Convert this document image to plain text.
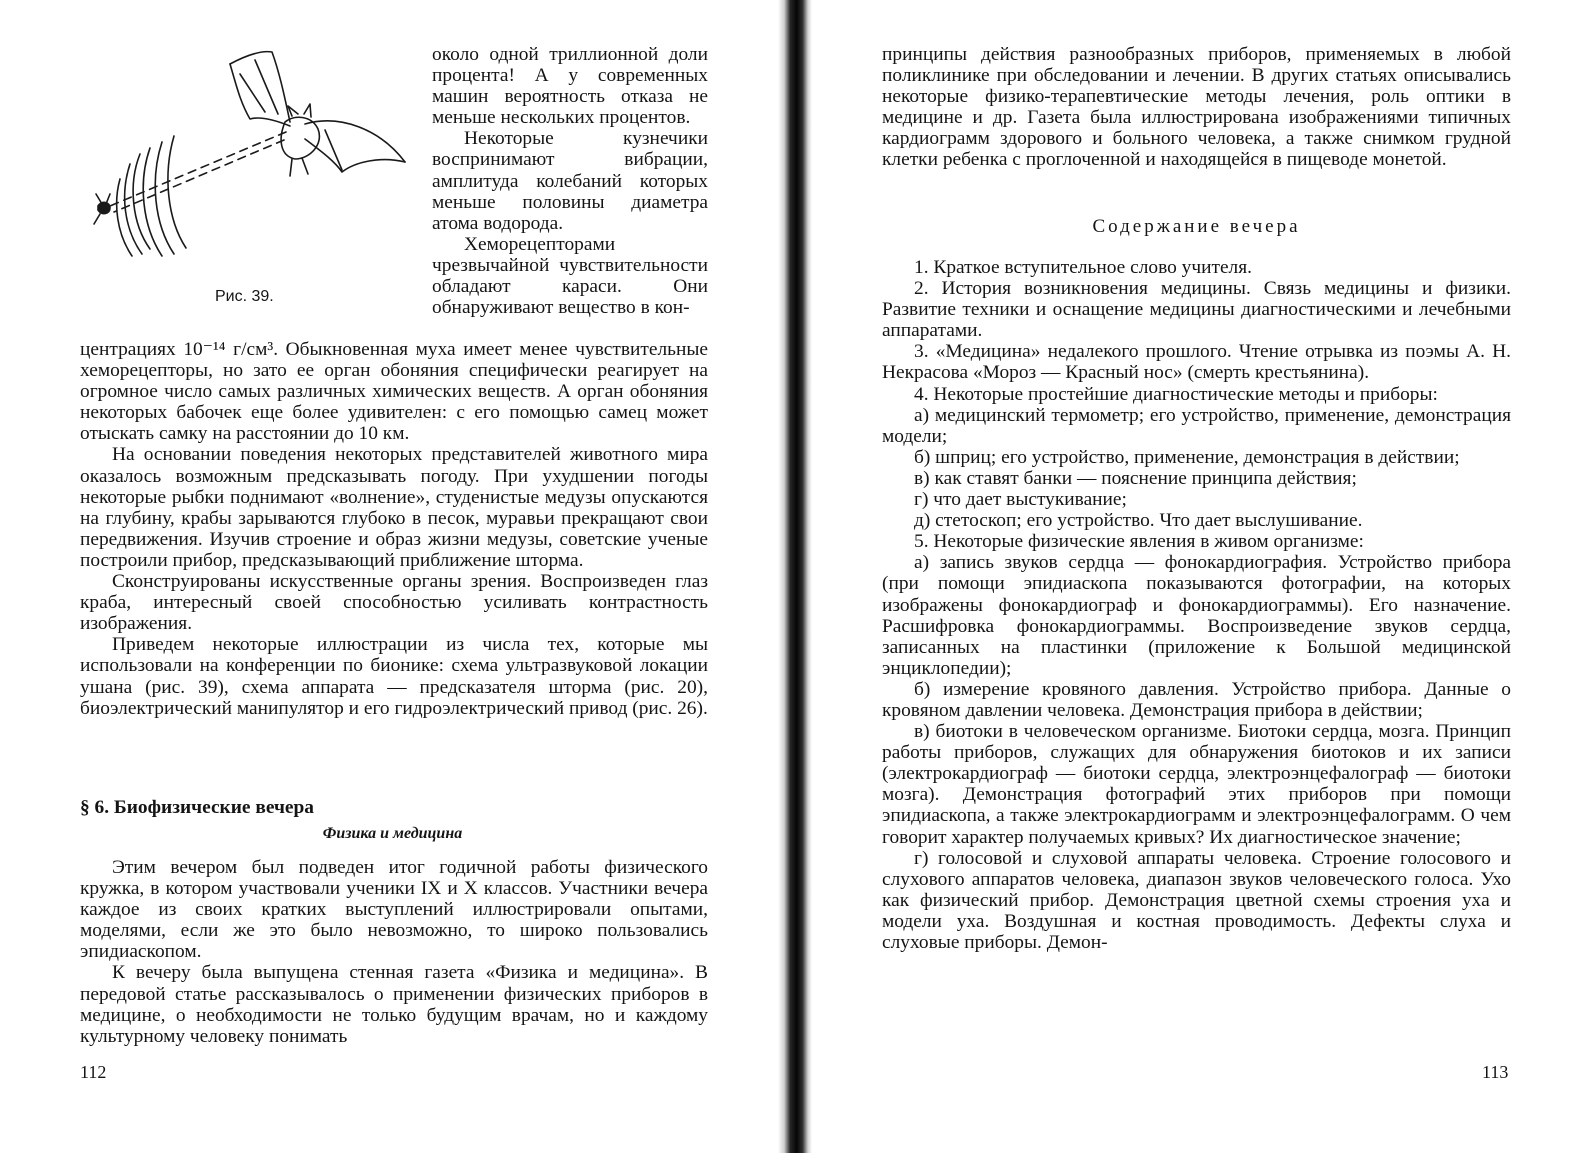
Рис. 39.

около одной триллионной доли процента! А у современных машин вероятность отказа не меньше нескольких процентов.

Некоторые кузнечики воспринимают вибрации, амплитуда колебаний которых меньше половины диаметра атома водорода.

Хеморецепторами чрезвычайной чувствительности обладают караси. Они обнаруживают вещество в кон-

центрациях 10⁻¹⁴ г/см³. Обыкновенная муха имеет менее чувствительные хеморецепторы, но зато ее орган обоняния специфически реагирует на огромное число самых различных химических веществ. А орган обоняния некоторых бабочек еще более удивителен: с его помощью самец может отыскать самку на расстоянии до 10 км.

На основании поведения некоторых представителей животного мира оказалось возможным предсказывать погоду. При ухудшении погоды некоторые рыбки поднимают «волнение», студенистые медузы опускаются на глубину, крабы зарываются глубоко в песок, муравьи прекращают свои передвижения. Изучив строение и образ жизни медузы, советские ученые построили прибор, предсказывающий приближение шторма.

Сконструированы искусственные органы зрения. Воспроизведен глаз краба, интересный своей способностью усиливать контрастность изображения.

Приведем некоторые иллюстрации из числа тех, которые мы использовали на конференции по бионике: схема ультразвуковой локации ушана (рис. 39), схема аппарата — предсказателя шторма (рис. 20), биоэлектрический манипулятор и его гидроэлектрический привод (рис. 26).

§ 6. Биофизические вечера
Физика и медицина

Этим вечером был подведен итог годичной работы физического кружка, в котором участвовали ученики IX и X классов. Участники вечера каждое из своих кратких выступлений иллюстрировали опытами, моделями, если же это было невозможно, то широко пользовались эпидиаскопом.

К вечеру была выпущена стенная газета «Физика и медицина». В передовой статье рассказывалось о применении физических приборов в медицине, о необходимости не только будущим врачам, но и каждому культурному человеку понимать

112

принципы действия разнообразных приборов, применяемых в любой поликлинике при обследовании и лечении. В других статьях описывались некоторые физико-терапевтические методы лечения, роль оптики в медицине и др. Газета была иллюстрирована изображениями типичных кардиограмм здорового и больного человека, а также снимком грудной клетки ребенка с проглоченной и находящейся в пищеводе монетой.

Содержание вечера

1. Краткое вступительное слово учителя.

2. История возникновения медицины. Связь медицины и физики. Развитие техники и оснащение медицины диагностическими и лечебными аппаратами.

3. «Медицина» недалекого прошлого. Чтение отрывка из поэмы А. Н. Некрасова «Мороз — Красный нос» (смерть крестьянина).

4. Некоторые простейшие диагностические методы и приборы:

а) медицинский термометр; его устройство, применение, демонстрация модели;

б) шприц; его устройство, применение, демонстрация в действии;

в) как ставят банки — пояснение принципа действия;

г) что дает выстукивание;

д) стетоскоп; его устройство. Что дает выслушивание.

5. Некоторые физические явления в живом организме:

а) запись звуков сердца — фонокардиография. Устройство прибора (при помощи эпидиаскопа показываются фотографии, на которых изображены фонокардиограф и фонокардиограммы). Его назначение. Расшифровка фонокардиограммы. Воспроизведение звуков сердца, записанных на пластинки (приложение к Большой медицинской энциклопедии);

б) измерение кровяного давления. Устройство прибора. Данные о кровяном давлении человека. Демонстрация прибора в действии;

в) биотоки в человеческом организме. Биотоки сердца, мозга. Принцип работы приборов, служащих для обнаружения биотоков и их записи (электрокардиограф — биотоки сердца, электроэнцефалограф — биотоки мозга). Демонстрация фотографий этих приборов при помощи эпидиаскопа, а также электрокардиограмм и электроэнцефалограмм. О чем говорит характер получаемых кривых? Их диагностическое значение;

г) голосовой и слуховой аппараты человека. Строение голосового и слухового аппаратов человека, диапазон звуков человеческого голоса. Ухо как физический прибор. Демонстрация цветной схемы строения уха и модели уха. Воздушная и костная проводимость. Дефекты слуха и слуховые приборы. Демон-

113
